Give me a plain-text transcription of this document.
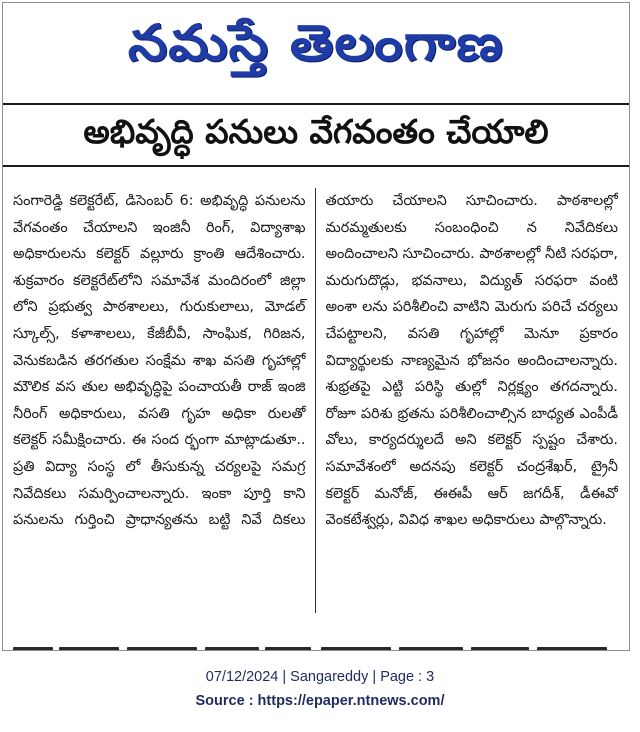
నమస్తే తెలంగాణ
అభివృద్ధి పనులు వేగవంతం చేయాలి

సంగారెడ్డి కలెక్టరేట్, డిసెంబర్ 6: అభివృద్ధి పనులను వేగవంతం చేయాలని ఇంజినీ రింగ్, విద్యాశాఖ అధికారులను కలెక్టర్ వల్లూరు క్రాంతి ఆదేశించారు. శుక్రవారం కలెక్టరేట్‌లోని సమావేశ మందిరంలో జిల్లా లోని ప్రభుత్వ పాఠశాలలు, గురుకులాలు, మోడల్ స్కూల్స్, కళాశాలలు, కేజీబీవీ, సాంఘిక, గిరిజన, వెనుకబడిన తరగతుల సంక్షేమ శాఖ వసతి గృహాల్లో మౌలిక వస తుల అభివృద్ధిపై పంచాయతీ రాజ్ ఇంజి నీరింగ్ అధికారులు, వసతి గృహ అధికా రులతో కలెక్టర్ సమీక్షించారు. ఈ సంద ర్భంగా మాట్లాడుతూ.. ప్రతి విద్యా సంస్థ లో తీసుకున్న చర్యలపై సమగ్ర నివేదికలు సమర్పించాలన్నారు. ఇంకా పూర్తి కాని పనులను గుర్తించి ప్రాధాన్యతను బట్టి నివే దికలు తయారు చేయాలని సూచించారు. పాఠశాలల్లో మరమ్మతులకు సంబంధించి న నివేదికలు అందించాలని సూచించారు. పాఠశాలల్లో నీటి సరఫరా, మరుగుదొడ్లు, భవనాలు, విద్యుత్ సరఫరా వంటి అంశా లను పరిశీలించి వాటిని మెరుగు పరిచే చర్యలు చేపట్టాలని, వసతి గృహాల్లో మెనూ ప్రకారం విద్యార్థులకు నాణ్యమైన భోజనం అందించాలన్నారు. శుభ్రతపై ఎట్టి పరిస్థి తుల్లో నిర్లక్ష్యం తగదన్నారు. రోజూ పరిశు భ్రతను పరిశీలించాల్సిన బాధ్యత ఎంపీడీ వోలు, కార్యదర్శులదే అని కలెక్టర్ స్పష్టం చేశారు. సమావేశంలో అదనపు కలెక్టర్ చంద్రశేఖర్, ట్రైనీ కలెక్టర్ మనోజ్, ఈఈపీ ఆర్ జగదీశ్, డీఈవో వెంకటేశ్వర్లు, వివిధ శాఖల అధికారులు పాల్గొన్నారు.

07/12/2024 | Sangareddy | Page : 3
Source : https://epaper.ntnews.com/
